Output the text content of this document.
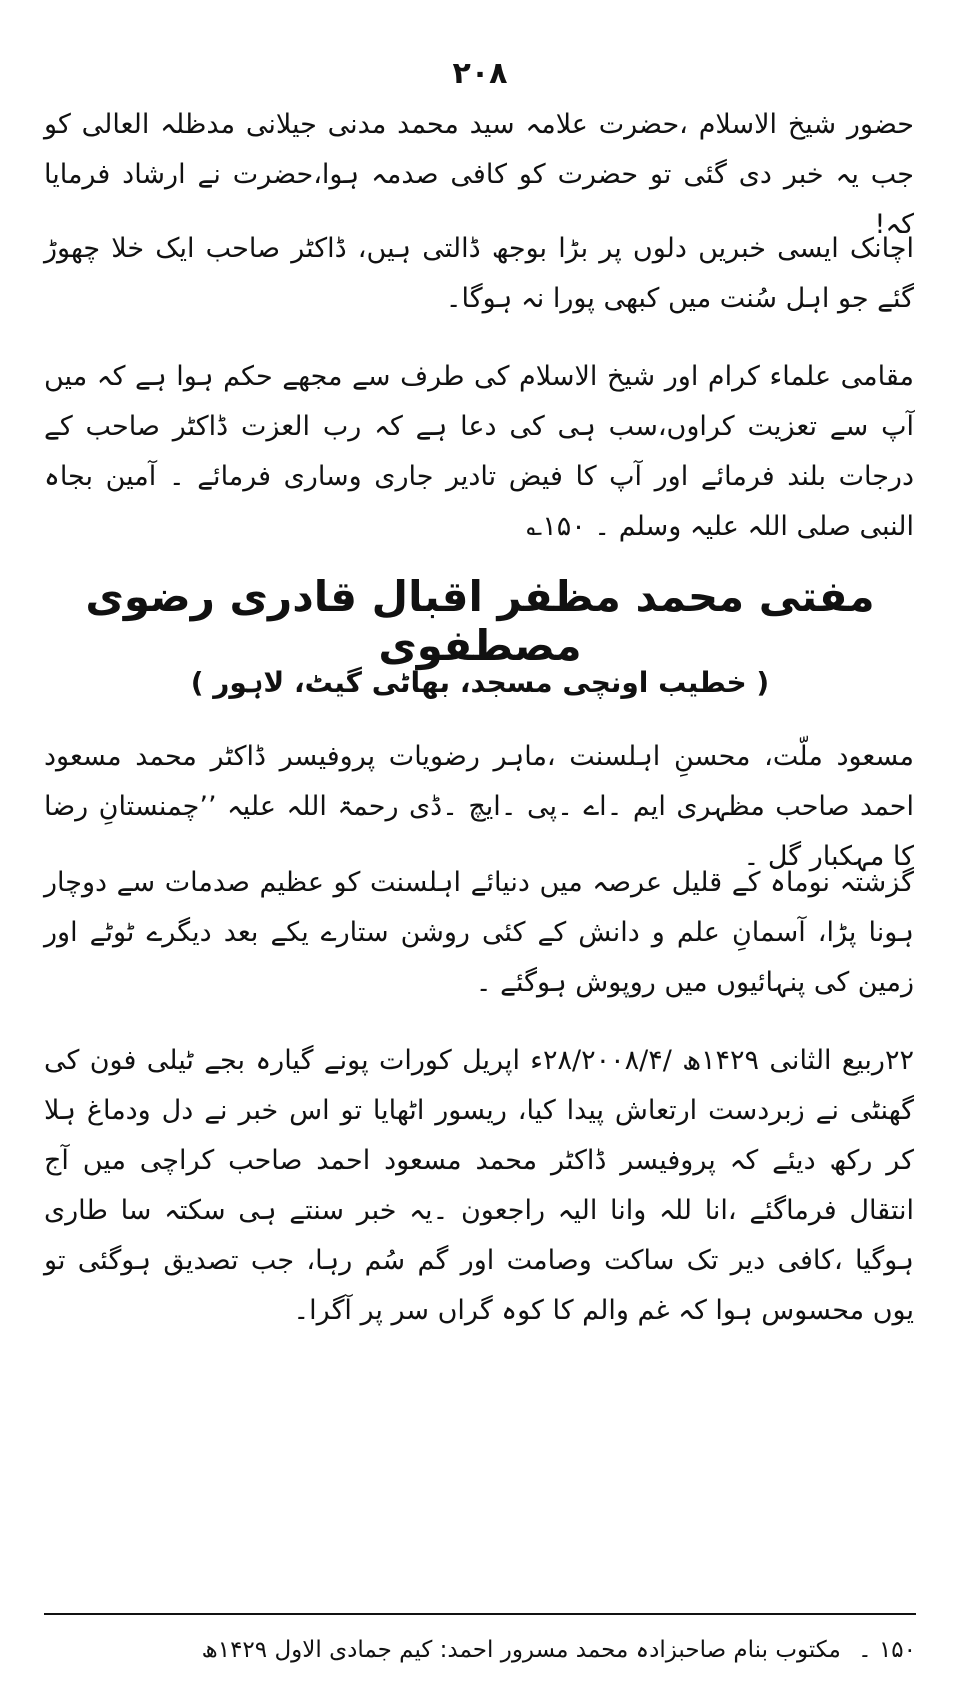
۲۰۸
حضور شیخ الاسلام ،حضرت علامہ سید محمد مدنی جیلانی مدظلہ العالی کو جب یہ خبر دی گئی تو حضرت کو کافی صدمہ ہوا،حضرت نے ارشاد فرمایا کہ!
اچانک ایسی خبریں دلوں پر بڑا بوجھ ڈالتی ہیں، ڈاکٹر صاحب ایک خلا چھوڑ گئے جو اہل سُنت میں کبھی پورا نہ ہوگا۔
مقامی علماء کرام اور شیخ الاسلام کی طرف سے مجھے حکم ہوا ہے کہ میں آپ سے تعزیت کراوں،سب ہی کی دعا ہے کہ رب العزت ڈاکٹر صاحب کے درجات بلند فرمائے اور آپ کا فیض تادیر جاری وساری فرمائے ۔ آمین بجاہ النبی صلی اللہ علیہ وسلم ۔ ۱۵۰؎
مفتی محمد مظفر اقبال قادری رضوی مصطفوی
( خطیب اونچی مسجد، بھاٹی گیٹ، لاہور )
مسعود ملّت، محسنِ اہلسنت ،ماہر رضویات پروفیسر ڈاکٹر محمد مسعود احمد صاحب مظہری ایم ۔اے ۔پی ۔ایچ ۔ڈی رحمۃ اللہ علیہ ’’چمنستانِ رضا کا مہکبار گل ۔
گزشتہ نوماہ کے قلیل عرصہ میں دنیائے اہلسنت کو عظیم صدمات سے دوچار ہونا پڑا، آسمانِ علم و دانش کے کئی روشن ستارے یکے بعد دیگرے ٹوٹے اور زمین کی پنہائیوں میں روپوش ہوگئے ۔
۲۲ربیع الثانی ۱۴۲۹ھ /۲۸/۲۰۰۸/۴ء اپریل کورات پونے گیارہ بجے ٹیلی فون کی گھنٹی نے زبردست ارتعاش پیدا کیا، ریسور اٹھایا تو اس خبر نے دل ودماغ ہلا کر رکھ دیئے کہ پروفیسر ڈاکٹر محمد مسعود احمد صاحب کراچی میں آج انتقال فرماگئے ،انا للہ وانا الیہ راجعون ۔یہ خبر سنتے ہی سکتہ سا طاری ہوگیا ،کافی دیر تک ساکت وصامت اور گم سُم رہا، جب تصدیق ہوگئی تو یوں محسوس ہوا کہ غم والم کا کوہ گراں سر پر آگرا۔
۱۵۰ ۔ مکتوب بنام صاحبزادہ محمد مسرور احمد: کیم جمادی الاول ۱۴۲۹ھ
